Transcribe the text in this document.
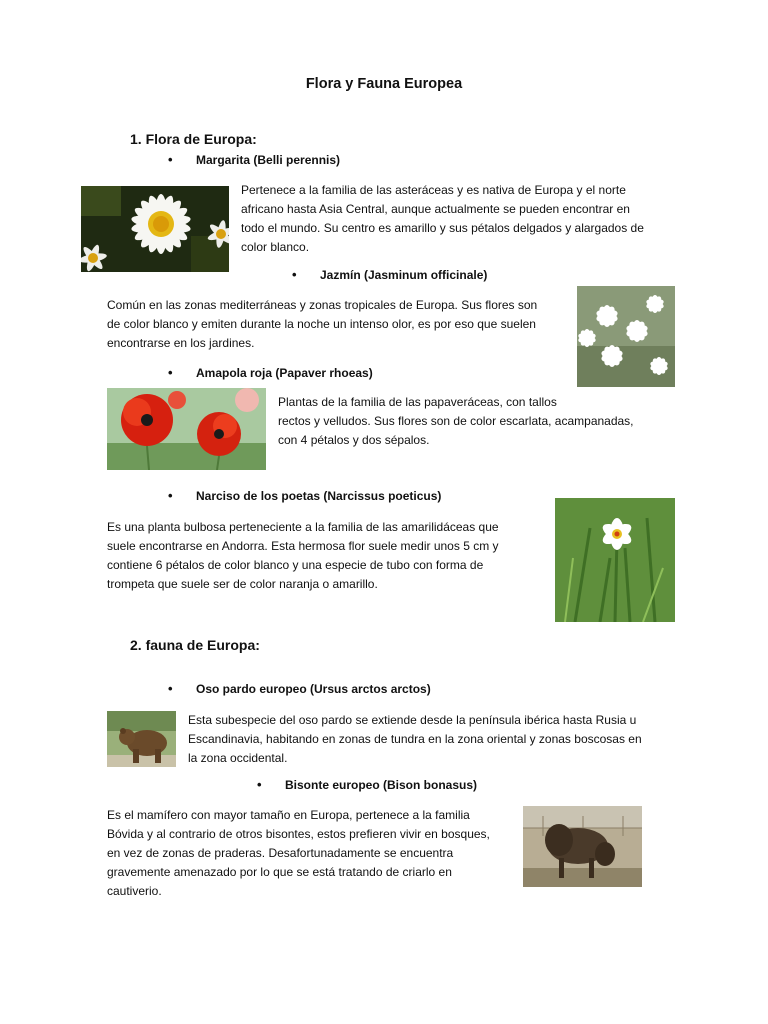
Flora y Fauna Europea
1. Flora de Europa:
• Margarita (Belli perennis)
Pertenece a la familia de las asteráceas y es nativa de Europa y el norte
africano hasta Asia Central, aunque actualmente se pueden encontrar en
todo el mundo. Su centro es amarillo y sus pétalos delgados y alargados de
color blanco.
• Jazmín (Jasminum officinale)
Común en las zonas mediterráneas y zonas tropicales de Europa. Sus flores son
de color blanco y emiten durante la noche un intenso olor, es por eso que suelen
encontrarse en los jardines.
• Amapola roja (Papaver rhoeas)
Plantas de la familia de las papaveráceas, con tallos
rectos y velludos. Sus flores son de color escarlata, acampanadas,
con 4 pétalos y dos sépalos.
• Narciso de los poetas (Narcissus poeticus)
Es una planta bulbosa perteneciente a la familia de las amarilidáceas que
suele encontrarse en Andorra. Esta hermosa flor suele medir unos 5 cm y
contiene 6 pétalos de color blanco y una especie de tubo con forma de
trompeta que suele ser de color naranja o amarillo.
2. fauna de Europa:
• Oso pardo europeo (Ursus arctos arctos)
Esta subespecie del oso pardo se extiende desde la península ibérica hasta Rusia u
Escandinavia, habitando en zonas de tundra en la zona oriental y zonas boscosas en
la zona occidental.
• Bisonte europeo (Bison bonasus)
Es el mamífero con mayor tamaño en Europa, pertenece a la familia
Bóvida y al contrario de otros bisontes, estos prefieren vivir en bosques,
en vez de zonas de praderas. Desafortunadamente se encuentra
gravemente amenazado por lo que se está tratando de criarlo en
cautiverio.
